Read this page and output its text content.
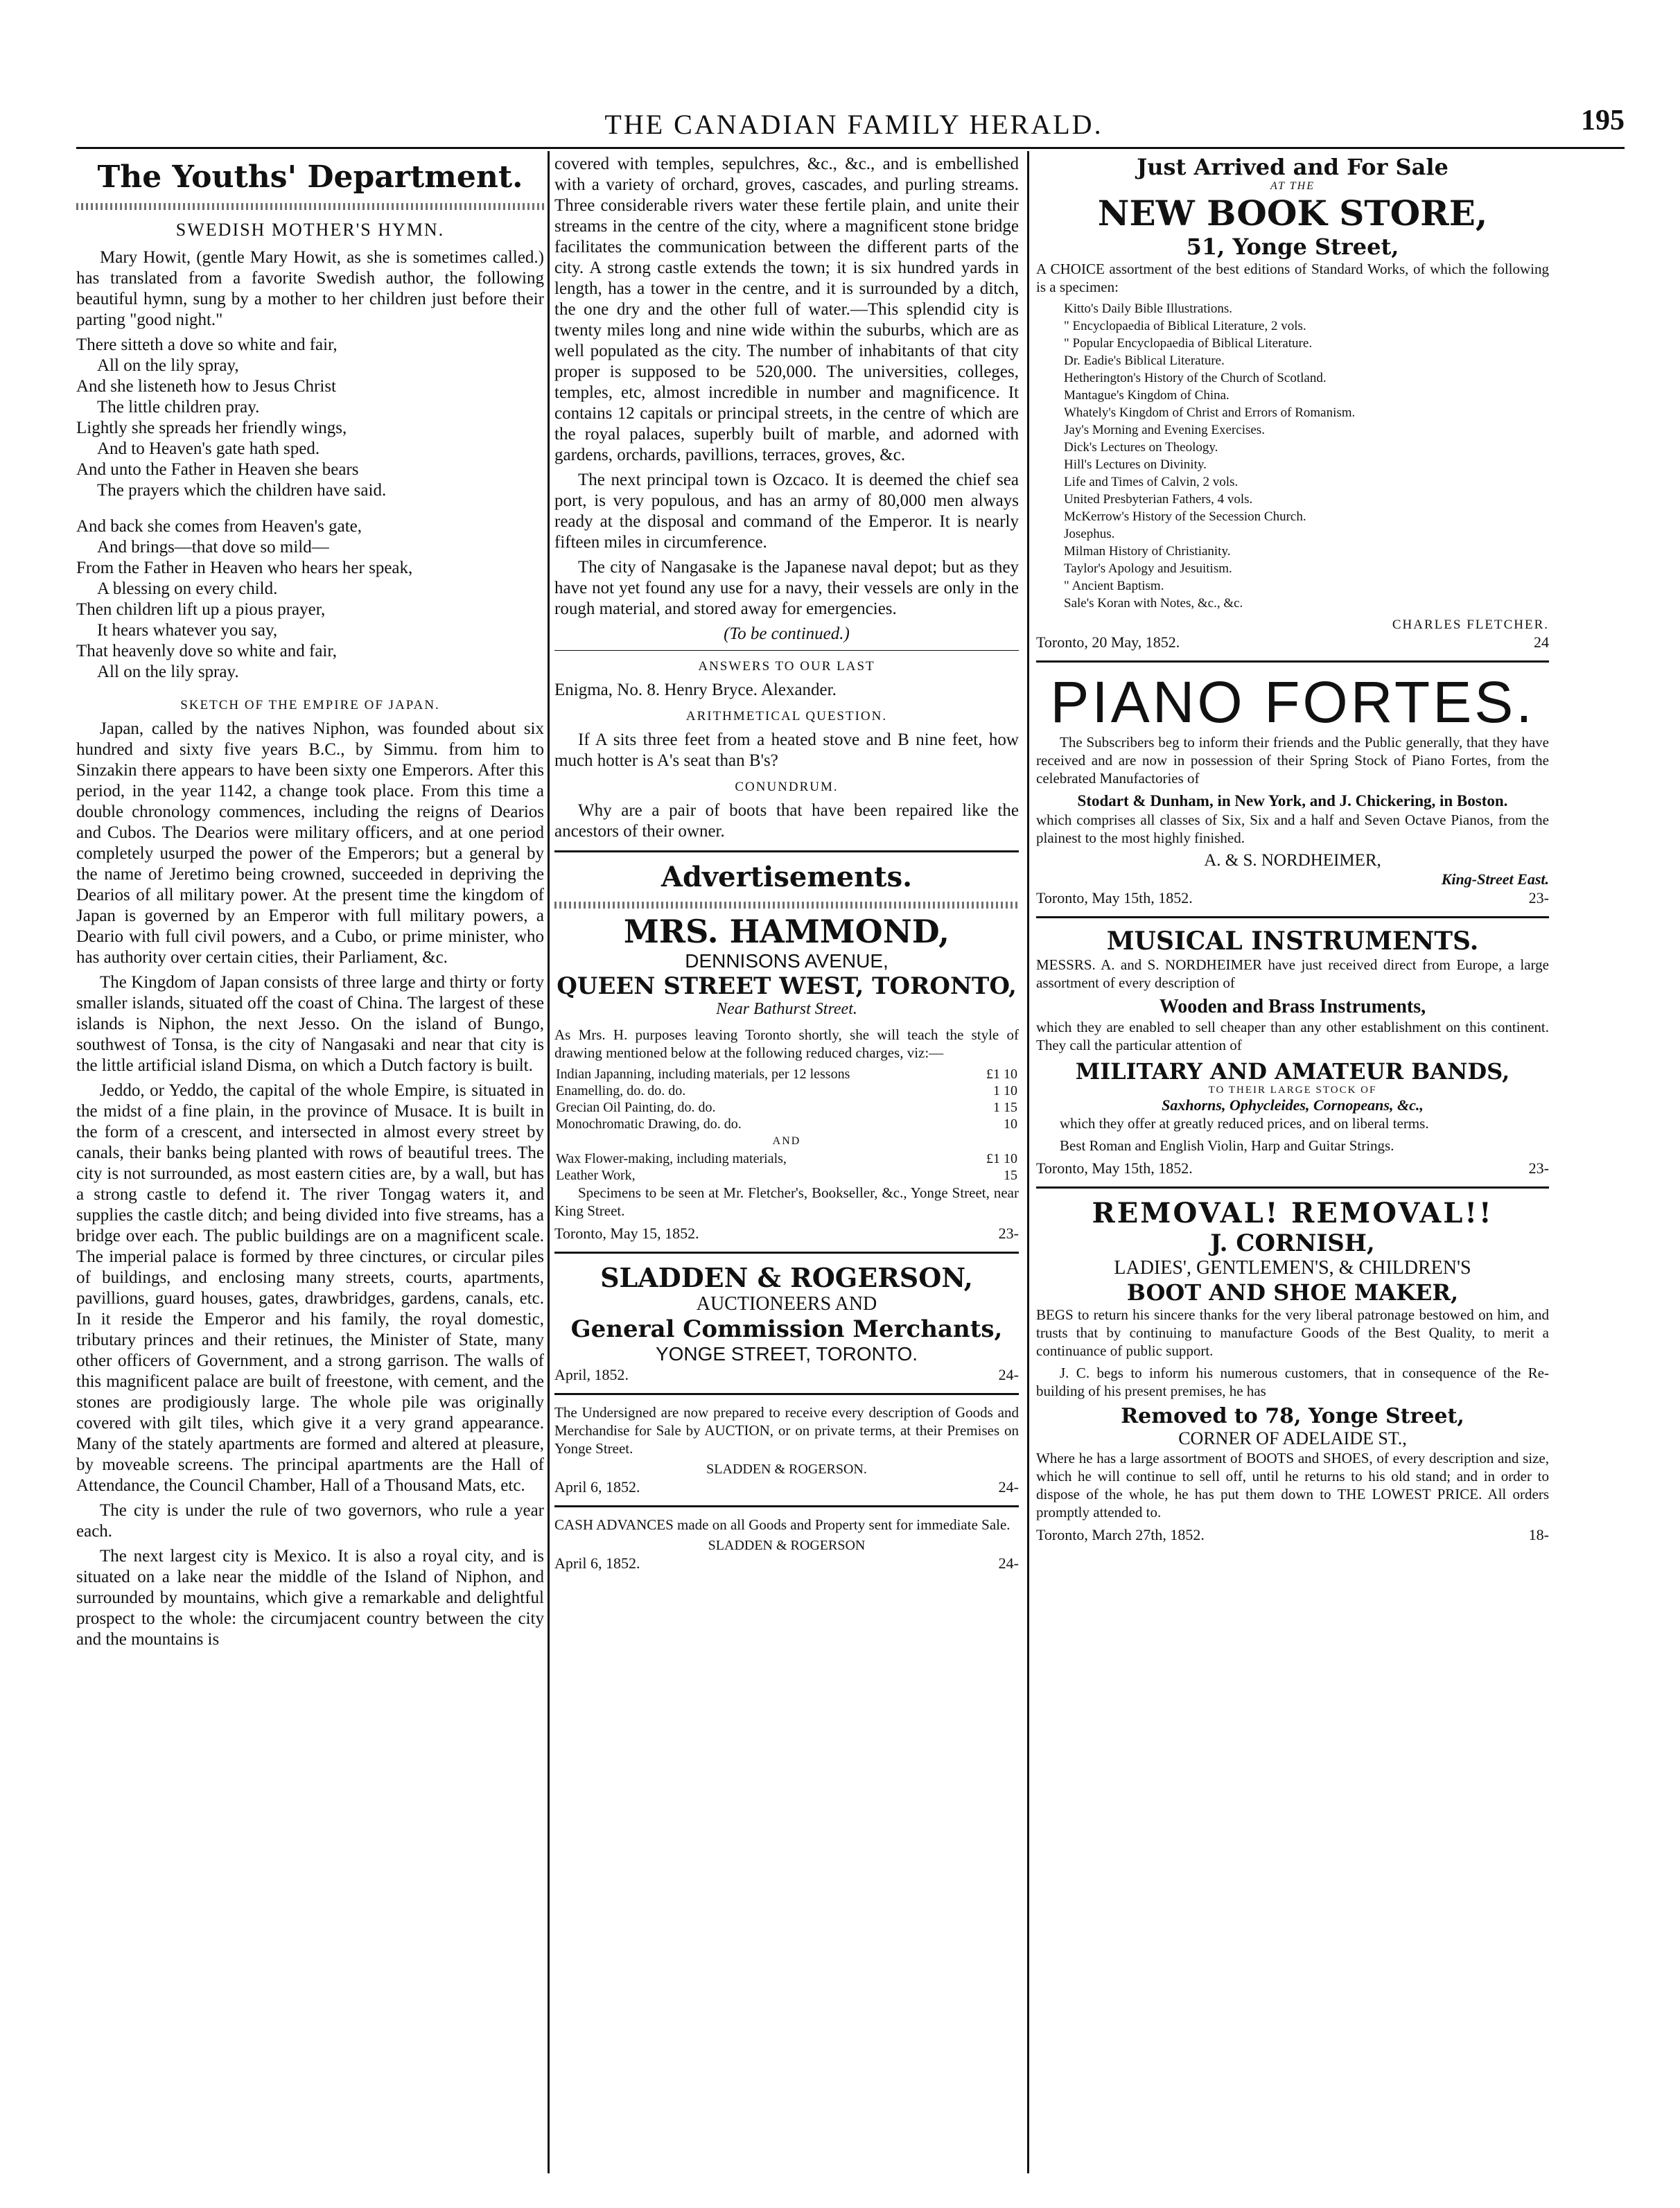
THE CANADIAN FAMILY HERALD.	195
The Youths' Department.
SWEDISH MOTHER'S HYMN.

Mary Howit, (gentle Mary Howit, as she is sometimes called.) has translated from a favorite Swedish author, the following beautiful hymn, sung by a mother to her children just before their parting "good night."

There sitteth a dove so white and fair,

All on the lily spray,

And she listeneth how to Jesus Christ

The little children pray.

Lightly she spreads her friendly wings,

And to Heaven's gate hath sped.

And unto the Father in Heaven she bears

The prayers which the children have said.

And back she comes from Heaven's gate,

And brings—that dove so mild—

From the Father in Heaven who hears her speak,

A blessing on every child.

Then children lift up a pious prayer,

It hears whatever you say,

That heavenly dove so white and fair,

All on the lily spray.

SKETCH OF THE EMPIRE OF JAPAN.

Japan, called by the natives Niphon, was founded about six hundred and sixty five years B.C., by Simmu. from him to Sinzakin there appears to have been sixty one Emperors. After this period, in the year 1142, a change took place. From this time a double chronology commences, including the reigns of Dearios and Cubos. The Dearios were military officers, and at one period completely usurped the power of the Emperors; but a general by the name of Jeretimo being crowned, succeeded in depriving the Dearios of all military power. At the present time the kingdom of Japan is governed by an Emperor with full military powers, a Deario with full civil powers, and a Cubo, or prime minister, who has authority over certain cities, their Parliament, &c.

The Kingdom of Japan consists of three large and thirty or forty smaller islands, situated off the coast of China. The largest of these islands is Niphon, the next Jesso. On the island of Bungo, southwest of Tonsa, is the city of Nangasaki and near that city is the little artificial island Disma, on which a Dutch factory is built.

Jeddo, or Yeddo, the capital of the whole Empire, is situated in the midst of a fine plain, in the province of Musace. It is built in the form of a crescent, and intersected in almost every street by canals, their banks being planted with rows of beautiful trees. The city is not surrounded, as most eastern cities are, by a wall, but has a strong castle to defend it. The river Tongag waters it, and supplies the castle ditch; and being divided into five streams, has a bridge over each. The public buildings are on a magnificent scale. The imperial palace is formed by three cinctures, or circular piles of buildings, and enclosing many streets, courts, apartments, pavillions, guard houses, gates, drawbridges, gardens, canals, etc. In it reside the Emperor and his family, the royal domestic, tributary princes and their retinues, the Minister of State, many other officers of Government, and a strong garrison. The walls of this magnificent palace are built of freestone, with cement, and the stones are prodigiously large. The whole pile was originally covered with gilt tiles, which give it a very grand appearance. Many of the stately apartments are formed and altered at pleasure, by moveable screens. The principal apartments are the Hall of Attendance, the Council Chamber, Hall of a Thousand Mats, etc.

The city is under the rule of two governors, who rule a year each.

The next largest city is Mexico. It is also a royal city, and is situated on a lake near the middle of the Island of Niphon, and surrounded by mountains, which give a remarkable and delightful prospect to the whole: the circumjacent country between the city and the mountains is

covered with temples, sepulchres, &c., &c., and is embellished with a variety of orchard, groves, cascades, and purling streams. Three considerable rivers water these fertile plain, and unite their streams in the centre of the city, where a magnificent stone bridge facilitates the communication between the different parts of the city. A strong castle extends the town; it is six hundred yards in length, has a tower in the centre, and it is surrounded by a ditch, the one dry and the other full of water.—This splendid city is twenty miles long and nine wide within the suburbs, which are as well populated as the city. The number of inhabitants of that city proper is supposed to be 520,000. The universities, colleges, temples, etc, almost incredible in number and magnificence. It contains 12 capitals or principal streets, in the centre of which are the royal palaces, superbly built of marble, and adorned with gardens, orchards, pavillions, terraces, groves, &c.

The next principal town is Ozcaco. It is deemed the chief sea port, is very populous, and has an army of 80,000 men always ready at the disposal and command of the Emperor. It is nearly fifteen miles in circumference.

The city of Nangasake is the Japanese naval depot; but as they have not yet found any use for a navy, their vessels are only in the rough material, and stored away for emergencies.

(To be continued.)

ANSWERS TO OUR LAST

Enigma, No. 8. Henry Bryce. Alexander.

ARITHMETICAL QUESTION.

If A sits three feet from a heated stove and B nine feet, how much hotter is A's seat than B's?

CONUNDRUM.

Why are a pair of boots that have been repaired like the ancestors of their owner.

Advertisements.
MRS. HAMMOND,
DENNISONS AVENUE,
QUEEN STREET WEST, TORONTO,
Near Bathurst Street.

As Mrs. H. purposes leaving Toronto shortly, she will teach the style of drawing mentioned below at the following reduced charges, viz:—

Indian Japanning, including materials, per 12 lessons	£1 10
Enamelling, do. do. do.	1 10
Grecian Oil Painting, do. do.	1 15
Monochromatic Drawing, do. do.	10
AND
Wax Flower-making, including materials,	£1 10
Leather Work,	15

Specimens to be seen at Mr. Fletcher's, Bookseller, &c., Yonge Street, near King Street.

Toronto, May 15, 1852.	23-
SLADDEN & ROGERSON,
AUCTIONEERS AND
General Commission Merchants,
YONGE STREET, TORONTO.
April, 1852.	24-

The Undersigned are now prepared to receive every description of Goods and Merchandise for Sale by AUCTION, or on private terms, at their Premises on Yonge Street.

SLADDEN & ROGERSON.
April 6, 1852.	24-

CASH ADVANCES made on all Goods and Property sent for immediate Sale.

SLADDEN & ROGERSON
April 6, 1852.	24-
Just Arrived and For Sale
AT THE
NEW BOOK STORE,
51, Yonge Street,

A CHOICE assortment of the best editions of Standard Works, of which the following is a specimen:

Kitto's Daily Bible Illustrations.
" Encyclopaedia of Biblical Literature, 2 vols.
" Popular Encyclopaedia of Biblical Literature.
Dr. Eadie's Biblical Literature.
Hetherington's History of the Church of Scotland.
Mantague's Kingdom of China.
Whately's Kingdom of Christ and Errors of Romanism.
Jay's Morning and Evening Exercises.
Dick's Lectures on Theology.
Hill's Lectures on Divinity.
Life and Times of Calvin, 2 vols.
United Presbyterian Fathers, 4 vols.
McKerrow's History of the Secession Church.
Josephus.
Milman History of Christianity.
Taylor's Apology and Jesuitism.
" Ancient Baptism.
Sale's Koran with Notes, &c., &c.
CHARLES FLETCHER.
Toronto, 20 May, 1852.	24
PIANO FORTES.

The Subscribers beg to inform their friends and the Public generally, that they have received and are now in possession of their Spring Stock of Piano Fortes, from the celebrated Manufactories of

Stodart & Dunham, in New York, and J. Chickering, in Boston.

which comprises all classes of Six, Six and a half and Seven Octave Pianos, from the plainest to the most highly finished.

A. & S. NORDHEIMER,
King-Street East.
Toronto, May 15th, 1852.	23-
MUSICAL INSTRUMENTS.

MESSRS. A. and S. NORDHEIMER have just received direct from Europe, a large assortment of every description of

Wooden and Brass Instruments,

which they are enabled to sell cheaper than any other establishment on this continent. They call the particular attention of

MILITARY AND AMATEUR BANDS,
TO THEIR LARGE STOCK OF
Saxhorns, Ophycleides, Cornopeans, &c.,

which they offer at greatly reduced prices, and on liberal terms.

Best Roman and English Violin, Harp and Guitar Strings.

Toronto, May 15th, 1852.	23-
REMOVAL! REMOVAL!!
J. CORNISH,
LADIES', GENTLEMEN'S, & CHILDREN'S
BOOT AND SHOE MAKER,

BEGS to return his sincere thanks for the very liberal patronage bestowed on him, and trusts that by continuing to manufacture Goods of the Best Quality, to merit a continuance of public support.

J. C. begs to inform his numerous customers, that in consequence of the Re-building of his present premises, he has

Removed to 78, Yonge Street,
CORNER OF ADELAIDE ST.,

Where he has a large assortment of BOOTS and SHOES, of every description and size, which he will continue to sell off, until he returns to his old stand; and in order to dispose of the whole, he has put them down to THE LOWEST PRICE. All orders promptly attended to.

Toronto, March 27th, 1852.	18-
